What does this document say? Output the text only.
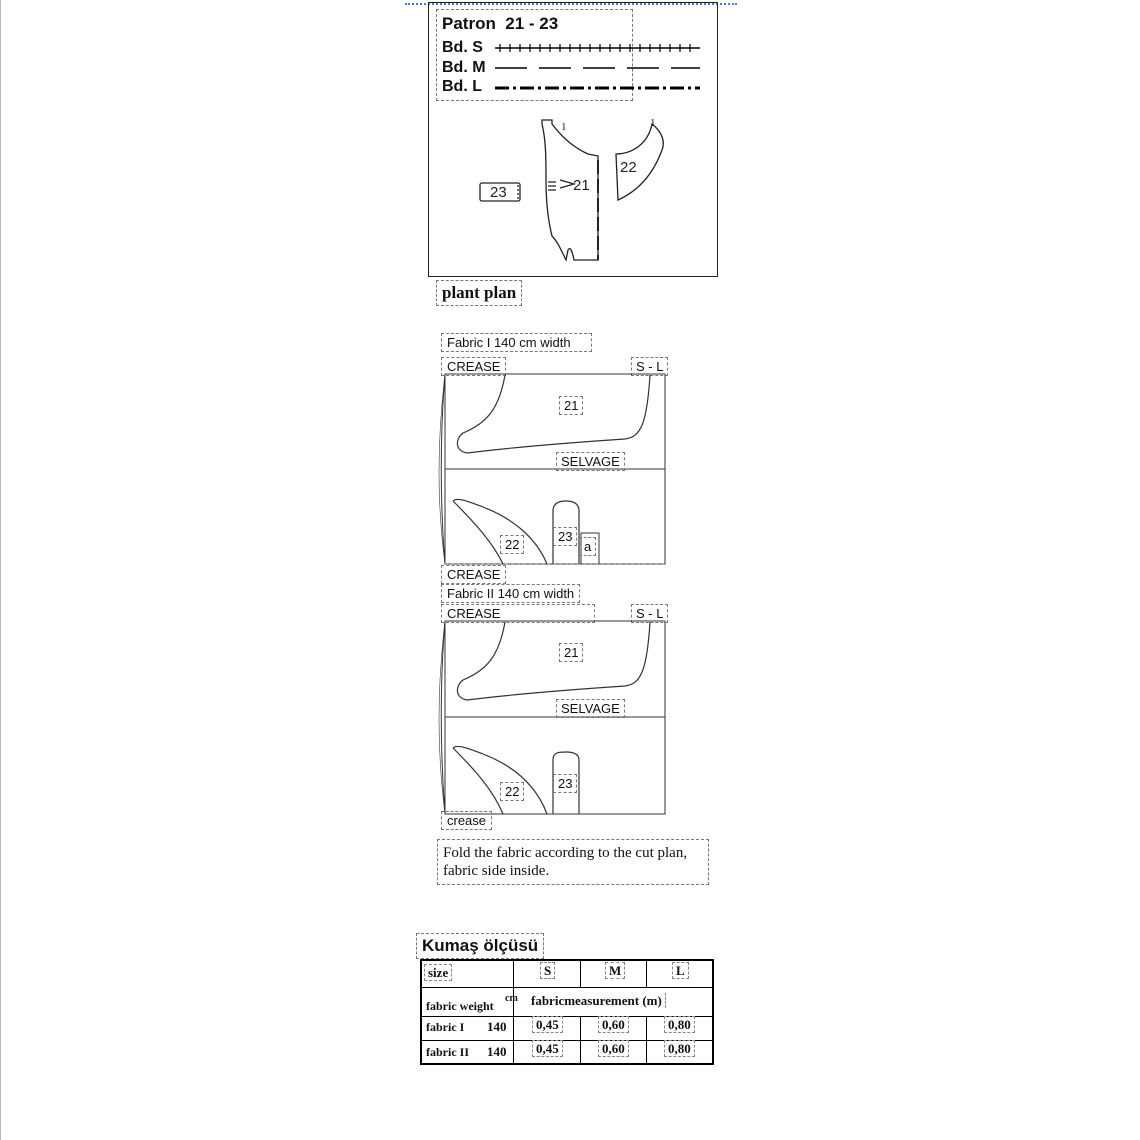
Patron  21 - 23
Bd. S
Bd. M
Bd. L
21
22
23
1	1
plant plan
Fabric I 140 cm width
CREASE	S - L
21
SELVAGE
22
23
a
CREASE
Fabric II 140 cm width
CREASE	S - L
21
SELVAGE
22
23
crease
Fold the fabric according to the cut plan,
fabric side inside.
Kumaş ölçüsü
size	S	M	L
fabric weight
cm fabricmeasurement (m)
fabric I 140	0,45	0,60	0,80
fabric II 140	0,45	0,60	0,80
